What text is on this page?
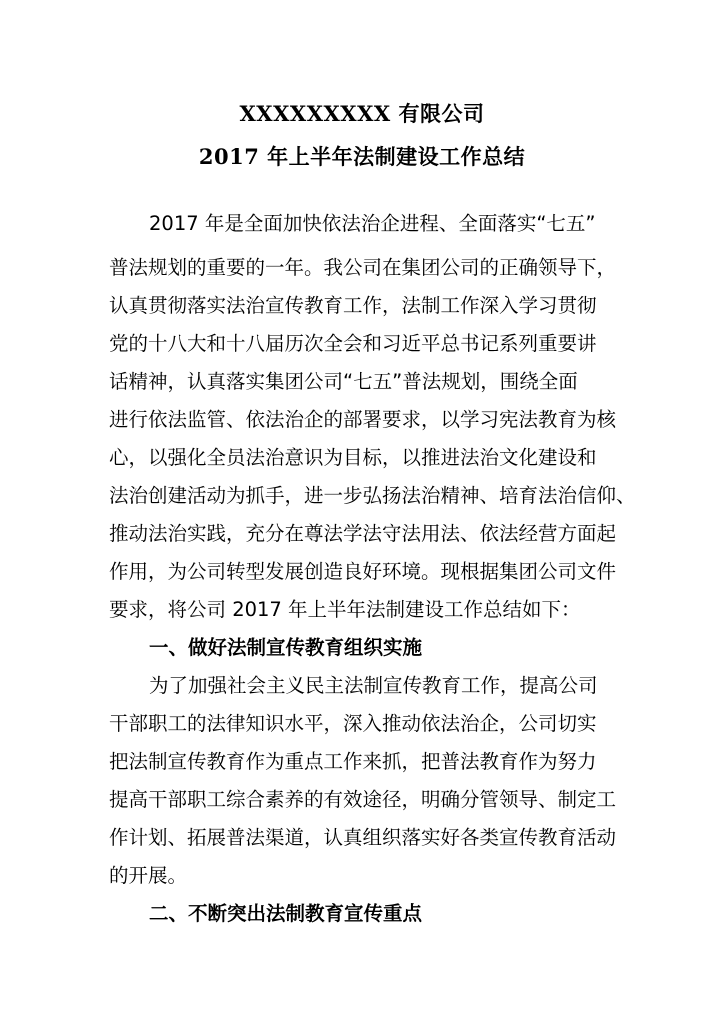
XXXXXXXXX 有限公司
2017 年上半年法制建设工作总结
2017 年是全面加快依法治企进程、全面落实“七五”
普法规划的重要的一年。我公司在集团公司的正确领导下，
认真贯彻落实法治宣传教育工作，法制工作深入学习贯彻
党的十八大和十八届历次全会和习近平总书记系列重要讲
话精神，认真落实集团公司“七五”普法规划，围绕全面
进行依法监管、依法治企的部署要求，以学习宪法教育为核
心，以强化全员法治意识为目标，以推进法治文化建设和
法治创建活动为抓手，进一步弘扬法治精神、培育法治信仰、
推动法治实践，充分在尊法学法守法用法、依法经营方面起
作用，为公司转型发展创造良好环境。现根据集团公司文件
要求，将公司 2017 年上半年法制建设工作总结如下：
一、做好法制宣传教育组织实施
为了加强社会主义民主法制宣传教育工作，提高公司
干部职工的法律知识水平，深入推动依法治企，公司切实
把法制宣传教育作为重点工作来抓，把普法教育作为努力
提高干部职工综合素养的有效途径，明确分管领导、制定工
作计划、拓展普法渠道，认真组织落实好各类宣传教育活动
的开展。
二、不断突出法制教育宣传重点
